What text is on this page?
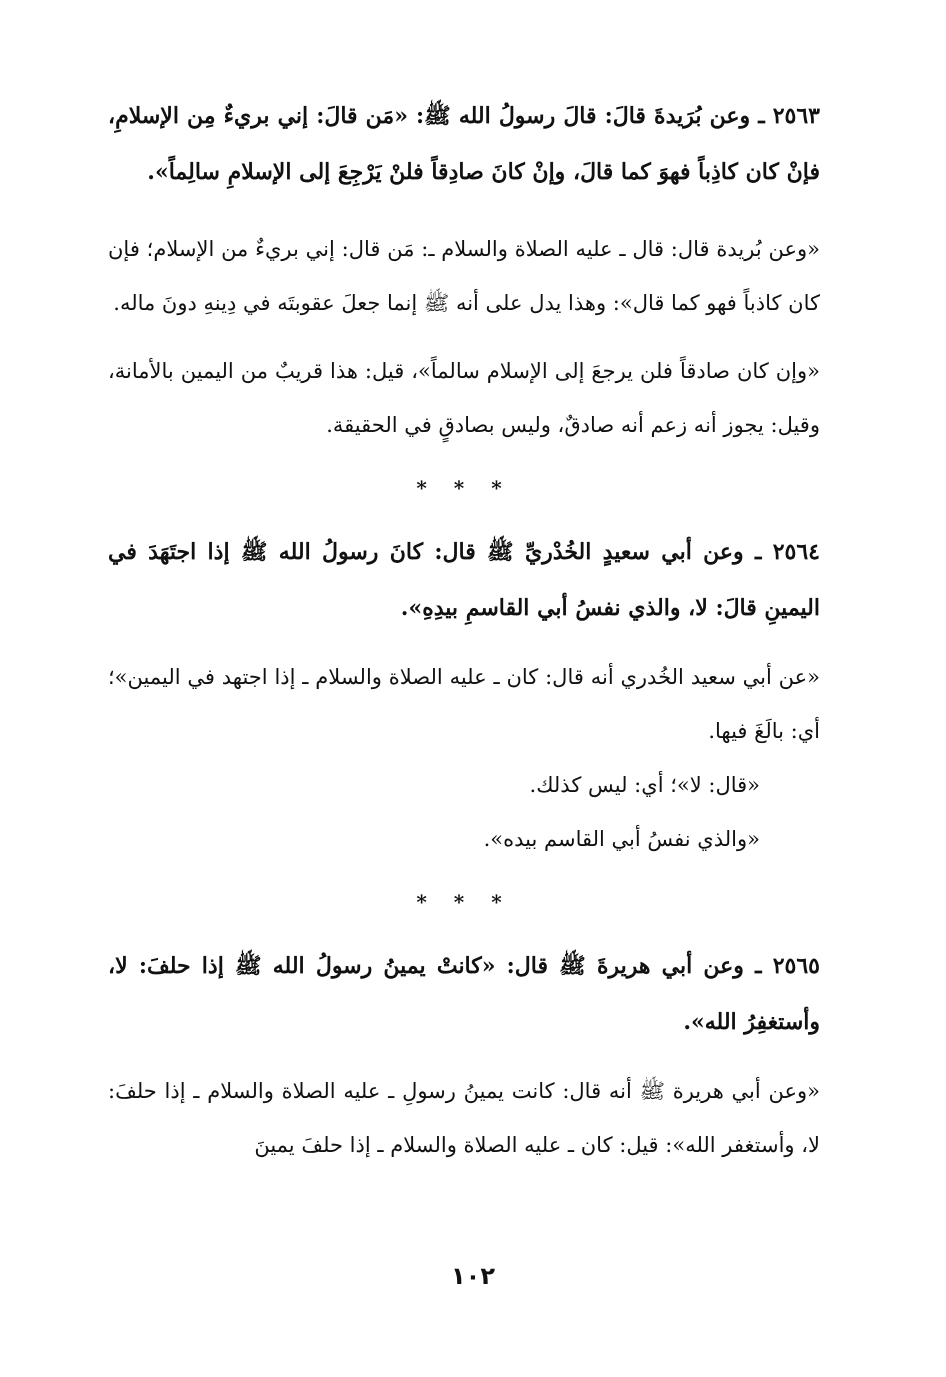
٢٥٦٣ ـ وعن بُرَيدةَ قالَ: قالَ رسولُ الله ﷺ: «مَن قالَ: إني بريءٌ مِن الإسلامِ، فإنْ كان كاذِباً فهوَ كما قالَ، وإنْ كانَ صادِقاً فلنْ يَرْجِعَ إلى الإسلامِ سالِماً».

«وعن بُريدة قال: قال ـ عليه الصلاة والسلام ـ: مَن قال: إني بريءٌ من الإسلام؛ فإن كان كاذباً فهو كما قال»: وهذا يدل على أنه ﷺ إنما جعلَ عقوبتَه في دِينهِ دونَ ماله.

«وإن كان صادقاً فلن يرجعَ إلى الإسلام سالماً»، قيل: هذا قريبٌ من اليمين بالأمانة، وقيل: يجوز أنه زعم أنه صادقٌ، وليس بصادقٍ في الحقيقة.

* * *

٢٥٦٤ ـ وعن أبي سعيدٍ الخُدْريِّ ﷺ قال: كانَ رسولُ الله ﷺ إذا اجتَهَدَ في اليمينِ قالَ: لا، والذي نفسُ أبي القاسمِ بيدِهِ».

«عن أبي سعيد الخُدري أنه قال: كان ـ عليه الصلاة والسلام ـ إذا اجتهد في اليمين»؛ أي: بالَغَ فيها.

«قال: لا»؛ أي: ليس كذلك.

«والذي نفسُ أبي القاسم بيده».

* * *

٢٥٦٥ ـ وعن أبي هريرةَ ﷺ قال: «كانتْ يمينُ رسولُ الله ﷺ إذا حلفَ: لا، وأستغفِرُ الله».

«وعن أبي هريرة ﷺ أنه قال: كانت يمينُ رسولِ ـ عليه الصلاة والسلام ـ إذا حلفَ: لا، وأستغفر الله»: قيل: كان ـ عليه الصلاة والسلام ـ إذا حلفَ يمينَ

١٠٢
